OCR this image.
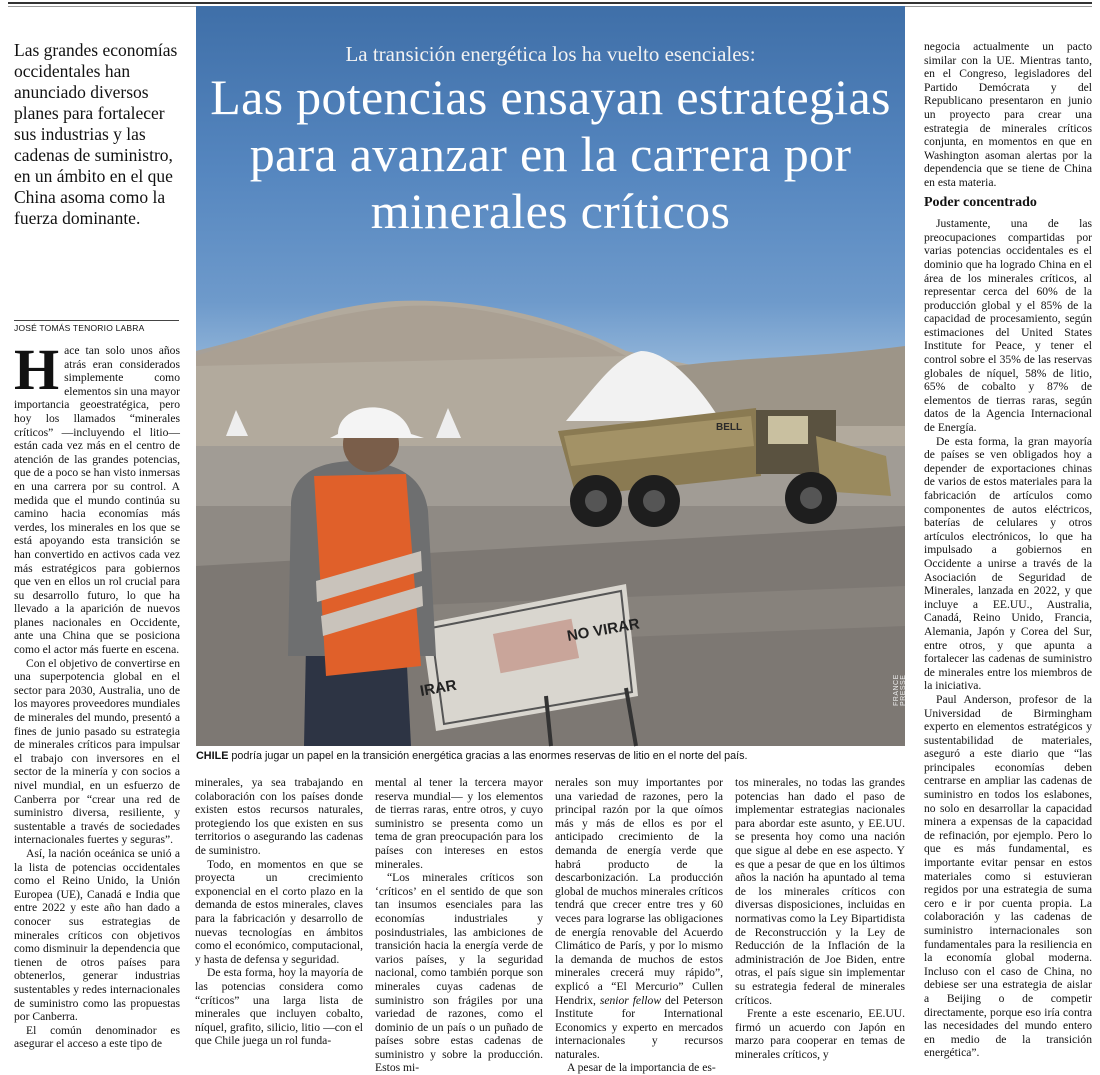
Las grandes economías occidentales han anunciado diversos planes para fortalecer sus industrias y las cadenas de suministro, en un ámbito en el que China asoma como la fuerza dominante.
JOSÉ TOMÁS TENORIO LABRA
BELL
NO VIRAR
IRAR
La transición energética los ha vuelto esenciales:
Las potencias ensayan estrategias para avanzar en la carrera por minerales críticos
FRANCE PRESSE
CHILE podría jugar un papel en la transición energética gracias a las enormes reservas de litio en el norte del país.

Hace tan solo unos años atrás eran considerados simplemente como elementos sin una mayor importancia geoestratégica, pero hoy los llamados “minerales críticos” —incluyendo el litio— están cada vez más en el centro de atención de las grandes potencias, que de a poco se han visto inmersas en una carrera por su control. A medida que el mundo continúa su camino hacia economías más verdes, los minerales en los que se está apoyando esta transición se han convertido en activos cada vez más estratégicos para gobiernos que ven en ellos un rol crucial para su desarrollo futuro, lo que ha llevado a la aparición de nuevos planes nacionales en Occidente, ante una China que se posiciona como el actor más fuerte en escena.

Con el objetivo de convertirse en una superpotencia global en el sector para 2030, Australia, uno de los mayores proveedores mundiales de minerales del mundo, presentó a fines de junio pasado su estrategia de minerales críticos para impulsar el trabajo con inversores en el sector de la minería y con socios a nivel mundial, en un esfuerzo de Canberra por “crear una red de suministro diversa, resiliente, y sustentable a través de sociedades internacionales fuertes y seguras”.

Así, la nación oceánica se unió a la lista de potencias occidentales como el Reino Unido, la Unión Europea (UE), Canadá e India que entre 2022 y este año han dado a conocer sus estrategias de minerales críticos con objetivos como disminuir la dependencia que tienen de otros países para obtenerlos, generar industrias sustentables y redes internacionales de suministro como las propuestas por Canberra.

El común denominador es asegurar el acceso a este tipo de

minerales, ya sea trabajando en colaboración con los países donde existen estos recursos naturales, protegiendo los que existen en sus territorios o asegurando las cadenas de suministro.

Todo, en momentos en que se proyecta un crecimiento exponencial en el corto plazo en la demanda de estos minerales, claves para la fabricación y desarrollo de nuevas tecnologías en ámbitos como el económico, computacional, y hasta de defensa y seguridad.

De esta forma, hoy la mayoría de las potencias considera como “críticos” una larga lista de minerales que incluyen cobalto, níquel, grafito, silicio, litio —con el que Chile juega un rol funda-

mental al tener la tercera mayor reserva mundial— y los elementos de tierras raras, entre otros, y cuyo suministro se presenta como un tema de gran preocupación para los países con intereses en estos minerales.

“Los minerales críticos son ‘críticos’ en el sentido de que son tan insumos esenciales para las economías industriales y posindustriales, las ambiciones de transición hacia la energía verde de varios países, y la seguridad nacional, como también porque son minerales cuyas cadenas de suministro son frágiles por una variedad de razones, como el dominio de un país o un puñado de países sobre estas cadenas de suministro y sobre la producción. Estos mi-

nerales son muy importantes por una variedad de razones, pero la principal razón por la que oímos más y más de ellos es por el anticipado crecimiento de la demanda de energía verde que habrá producto de la descarbonización. La producción global de muchos minerales críticos tendrá que crecer entre tres y 60 veces para lograrse las obligaciones de energía renovable del Acuerdo Climático de París, y por lo mismo la demanda de muchos de estos minerales crecerá muy rápido”, explicó a “El Mercurio” Cullen Hendrix, senior fellow del Peterson Institute for International Economics y experto en mercados internacionales y recursos naturales.

A pesar de la importancia de es-

tos minerales, no todas las grandes potencias han dado el paso de implementar estrategias nacionales para abordar este asunto, y EE.UU. se presenta hoy como una nación que sigue al debe en ese aspecto. Y es que a pesar de que en los últimos años la nación ha apuntado al tema de los minerales críticos con diversas disposiciones, incluidas en normativas como la Ley Bipartidista de Reconstrucción y la Ley de Reducción de la Inflación de la administración de Joe Biden, entre otras, el país sigue sin implementar su estrategia federal de minerales críticos.

Frente a este escenario, EE.UU. firmó un acuerdo con Japón en marzo para cooperar en temas de minerales críticos, y

negocia actualmente un pacto similar con la UE. Mientras tanto, en el Congreso, legisladores del Partido Demócrata y del Republicano presentaron en junio un proyecto para crear una estrategia de minerales críticos conjunta, en momentos en que en Washington asoman alertas por la dependencia que se tiene de China en esta materia.

Poder concentrado

Justamente, una de las preocupaciones compartidas por varias potencias occidentales es el dominio que ha logrado China en el área de los minerales críticos, al representar cerca del 60% de la producción global y el 85% de la capacidad de procesamiento, según estimaciones del United States Institute for Peace, y tener el control sobre el 35% de las reservas globales de níquel, 58% de litio, 65% de cobalto y 87% de elementos de tierras raras, según datos de la Agencia Internacional de Energía.

De esta forma, la gran mayoría de países se ven obligados hoy a depender de exportaciones chinas de varios de estos materiales para la fabricación de artículos como componentes de autos eléctricos, baterías de celulares y otros artículos electrónicos, lo que ha impulsado a gobiernos en Occidente a unirse a través de la Asociación de Seguridad de Minerales, lanzada en 2022, y que incluye a EE.UU., Australia, Canadá, Reino Unido, Francia, Alemania, Japón y Corea del Sur, entre otros, y que apunta a fortalecer las cadenas de suministro de minerales entre los miembros de la iniciativa.

Paul Anderson, profesor de la Universidad de Birmingham experto en elementos estratégicos y sustentabilidad de materiales, aseguró a este diario que “las principales economías deben centrarse en ampliar las cadenas de suministro en todos los eslabones, no solo en desarrollar la capacidad minera a expensas de la capacidad de refinación, por ejemplo. Pero lo que es más fundamental, es importante evitar pensar en estos materiales como si estuvieran regidos por una estrategia de suma cero e ir por cuenta propia. La colaboración y las cadenas de suministro internacionales son fundamentales para la resiliencia en la economía global moderna. Incluso con el caso de China, no debiese ser una estrategia de aislar a Beijing o de competir directamente, porque eso iría contra las necesidades del mundo entero en medio de la transición energética”.
